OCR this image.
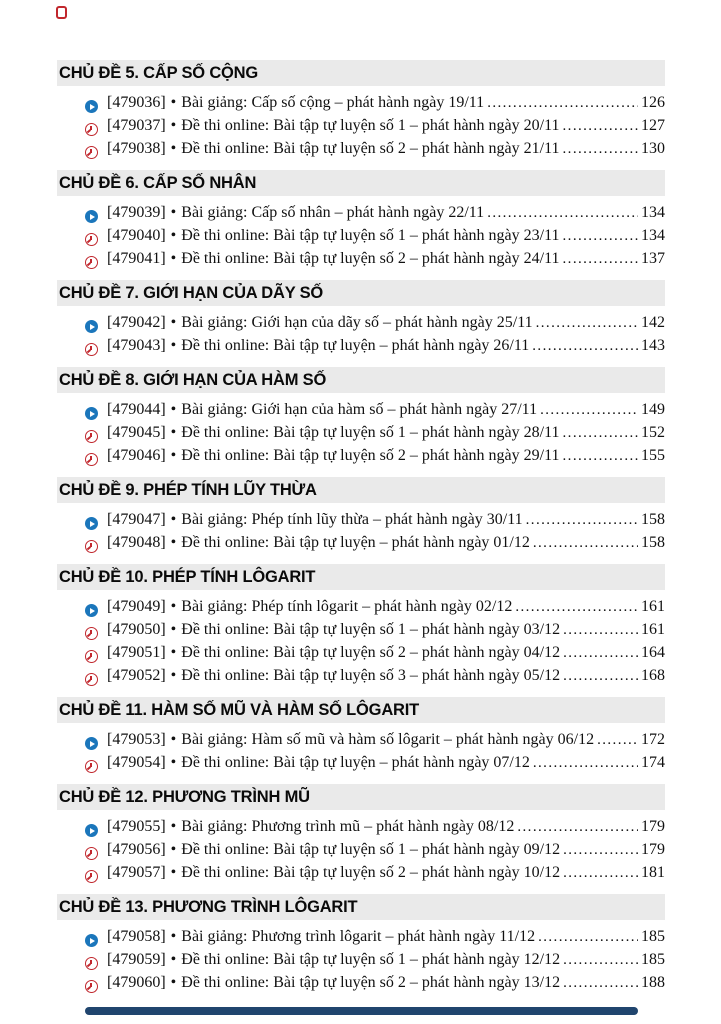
CHỦ ĐỀ 5. CẤP SỐ CỘNG
[479036] • Bài giảng: Cấp số cộng – phát hành ngày 19/11 .....	126
[479037] • Đề thi online: Bài tập tự luyện số 1 – phát hành ngày 20/11 .....	127
[479038] • Đề thi online: Bài tập tự luyện số 2 – phát hành ngày 21/11 .....	130
CHỦ ĐỀ 6. CẤP SỐ NHÂN
[479039] • Bài giảng: Cấp số nhân – phát hành ngày 22/11 .....	134
[479040] • Đề thi online: Bài tập tự luyện số 1 – phát hành ngày 23/11 .....	134
[479041] • Đề thi online: Bài tập tự luyện số 2 – phát hành ngày 24/11 .....	137
CHỦ ĐỀ 7. GIỚI HẠN CỦA DÃY SỐ
[479042] • Bài giảng: Giới hạn của dãy số – phát hành ngày 25/11 .....	142
[479043] • Đề thi online: Bài tập tự luyện – phát hành ngày 26/11 .....	143
CHỦ ĐỀ 8. GIỚI HẠN CỦA HÀM SỐ
[479044] • Bài giảng: Giới hạn của hàm số – phát hành ngày 27/11 .....	149
[479045] • Đề thi online: Bài tập tự luyện số 1 – phát hành ngày 28/11 .....	152
[479046] • Đề thi online: Bài tập tự luyện số 2 – phát hành ngày 29/11 .....	155
CHỦ ĐỀ 9. PHÉP TÍNH LŨY THỪA
[479047] • Bài giảng: Phép tính lũy thừa – phát hành ngày 30/11 .....	158
[479048] • Đề thi online: Bài tập tự luyện – phát hành ngày 01/12 .....	158
CHỦ ĐỀ 10. PHÉP TÍNH LÔGARIT
[479049] • Bài giảng: Phép tính lôgarit – phát hành ngày 02/12 .....	161
[479050] • Đề thi online: Bài tập tự luyện số 1 – phát hành ngày 03/12 .....	161
[479051] • Đề thi online: Bài tập tự luyện số 2 – phát hành ngày 04/12 .....	164
[479052] • Đề thi online: Bài tập tự luyện số 3 – phát hành ngày 05/12 .....	168
CHỦ ĐỀ 11. HÀM SỐ MŨ VÀ HÀM SỐ LÔGARIT
[479053] • Bài giảng: Hàm số mũ và hàm số lôgarit – phát hành ngày 06/12 .....	172
[479054] • Đề thi online: Bài tập tự luyện – phát hành ngày 07/12 .....	174
CHỦ ĐỀ 12. PHƯƠNG TRÌNH MŨ
[479055] • Bài giảng: Phương trình mũ – phát hành ngày 08/12 .....	179
[479056] • Đề thi online: Bài tập tự luyện số 1 – phát hành ngày 09/12 .....	179
[479057] • Đề thi online: Bài tập tự luyện số 2 – phát hành ngày 10/12 .....	181
CHỦ ĐỀ 13. PHƯƠNG TRÌNH LÔGARIT
[479058] • Bài giảng: Phương trình lôgarit – phát hành ngày 11/12 .....	185
[479059] • Đề thi online: Bài tập tự luyện số 1 – phát hành ngày 12/12 .....	185
[479060] • Đề thi online: Bài tập tự luyện số 2 – phát hành ngày 13/12 .....	188
